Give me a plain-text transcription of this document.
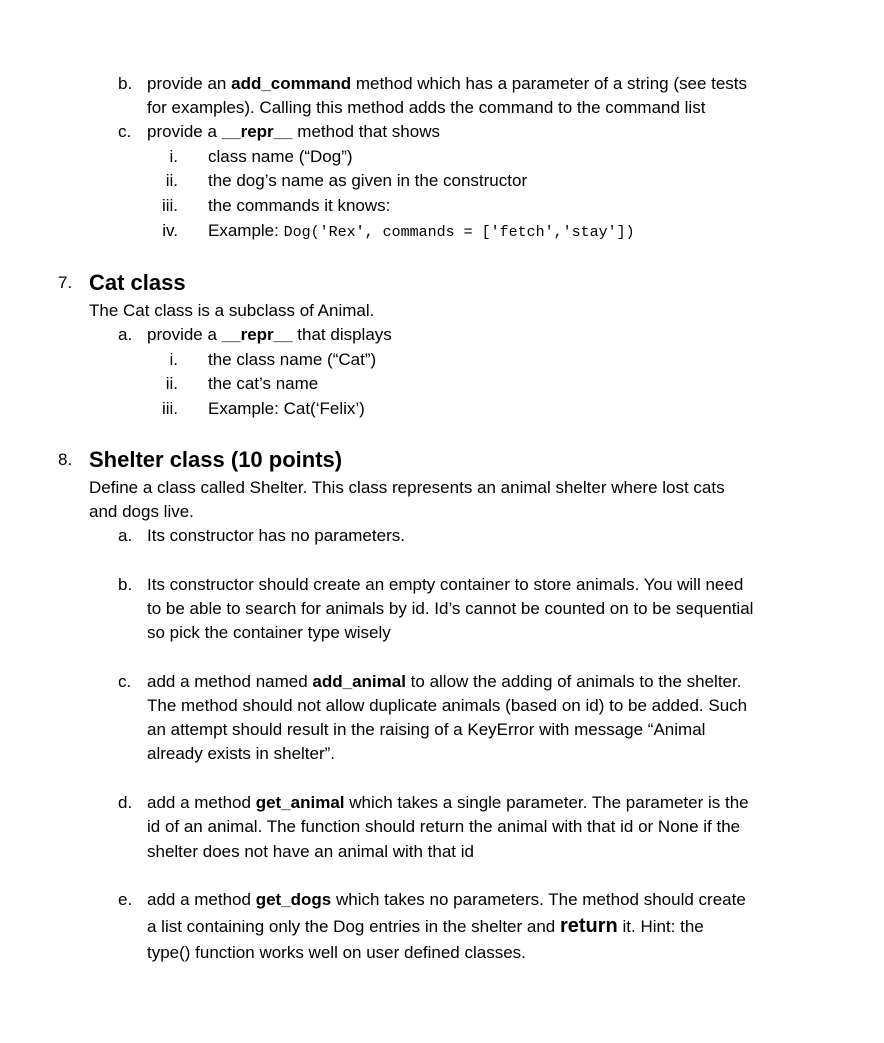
b. provide an add_command method which has a parameter of a string (see tests
for examples). Calling this method adds the command to the command list
c. provide a __repr__ method that shows
i. class name (“Dog”)
ii. the dog’s name as given in the constructor
iii. the commands it knows:
iv. Example: Dog('Rex', commands = ['fetch','stay'])
7. Cat class
The Cat class is a subclass of Animal.
a. provide a __repr__ that displays
i. the class name (“Cat”)
ii. the cat’s name
iii. Example: Cat(‘Felix’)
8. Shelter class (10 points)
Define a class called Shelter. This class represents an animal shelter where lost cats
and dogs live.
a. Its constructor has no parameters.
b. Its constructor should create an empty container to store animals. You will need
to be able to search for animals by id. Id’s cannot be counted on to be sequential
so pick the container type wisely
c. add a method named add_animal to allow the adding of animals to the shelter.
The method should not allow duplicate animals (based on id) to be added. Such
an attempt should result in the raising of a KeyError with message “Animal
already exists in shelter”.
d. add a method get_animal which takes a single parameter. The parameter is the
id of an animal. The function should return the animal with that id or None if the
shelter does not have an animal with that id
e. add a method get_dogs which takes no parameters. The method should create
a list containing only the Dog entries in the shelter and return it. Hint: the
type() function works well on user defined classes.
